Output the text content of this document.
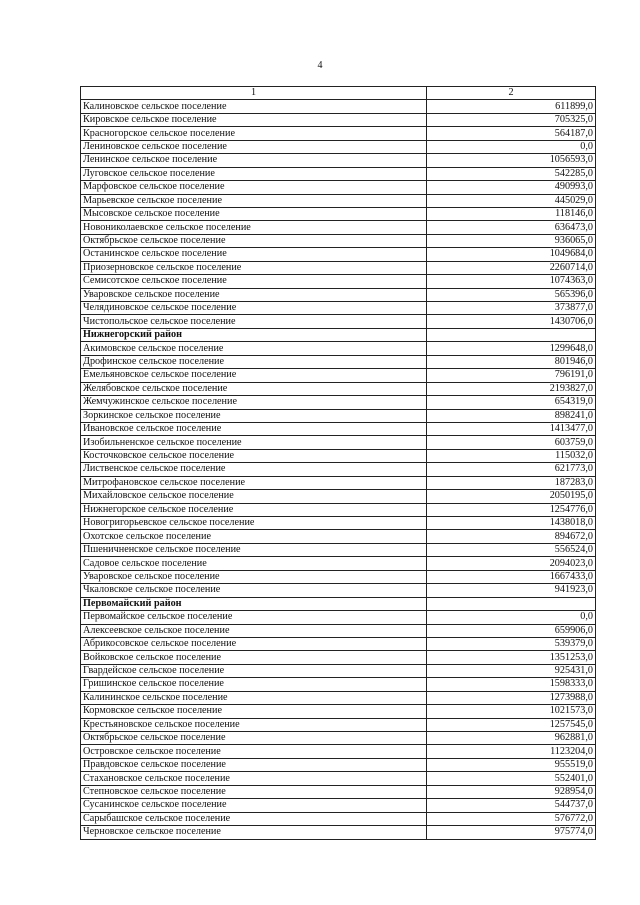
4
1	2
Калиновское сельское поселение	611899,0
Кировское сельское поселение	705325,0
Красногорское сельское поселение	564187,0
Лениновское сельское поселение	0,0
Ленинское сельское поселение	1056593,0
Луговское сельское поселение	542285,0
Марфовское сельское поселение	490993,0
Марьевское сельское поселение	445029,0
Мысовское сельское поселение	118146,0
Новониколаевское сельское поселение	636473,0
Октябрьское сельское поселение	936065,0
Останинское сельское поселение	1049684,0
Приозерновское сельское поселение	2260714,0
Семисотское сельское поселение	1074363,0
Уваровское сельское поселение	565396,0
Челядиновское сельское поселение	373877,0
Чистопольское сельское поселение	1430706,0
Нижнегорский район	
Акимовское сельское поселение	1299648,0
Дрофинское сельское поселение	801946,0
Емельяновское сельское поселение	796191,0
Желябовское сельское поселение	2193827,0
Жемчужинское сельское поселение	654319,0
Зоркинское сельское поселение	898241,0
Ивановское сельское поселение	1413477,0
Изобильненское сельское поселение	603759,0
Косточковское сельское поселение	115032,0
Лиственское сельское поселение	621773,0
Митрофановское сельское поселение	187283,0
Михайловское сельское поселение	2050195,0
Нижнегорское сельское поселение	1254776,0
Новогригорьевское сельское поселение	1438018,0
Охотское сельское поселение	894672,0
Пшеничненское сельское поселение	556524,0
Садовое сельское поселение	2094023,0
Уваровское сельское поселение	1667433,0
Чкаловское сельское поселение	941923,0
Первомайский район	
Первомайское сельское поселение	0,0
Алексеевское сельское поселение	659906,0
Абрикосовское сельское поселение	539379,0
Войковское сельское поселение	1351253,0
Гвардейское сельское поселение	925431,0
Гришинское сельское поселение	1598333,0
Калининское сельское поселение	1273988,0
Кормовское сельское поселение	1021573,0
Крестьяновское сельское поселение	1257545,0
Октябрьское сельское поселение	962881,0
Островское сельское поселение	1123204,0
Правдовское сельское поселение	955519,0
Стахановское сельское поселение	552401,0
Степновское сельское поселение	928954,0
Сусанинское сельское поселение	544737,0
Сарыбашское сельское поселение	576772,0
Черновское сельское поселение	975774,0
